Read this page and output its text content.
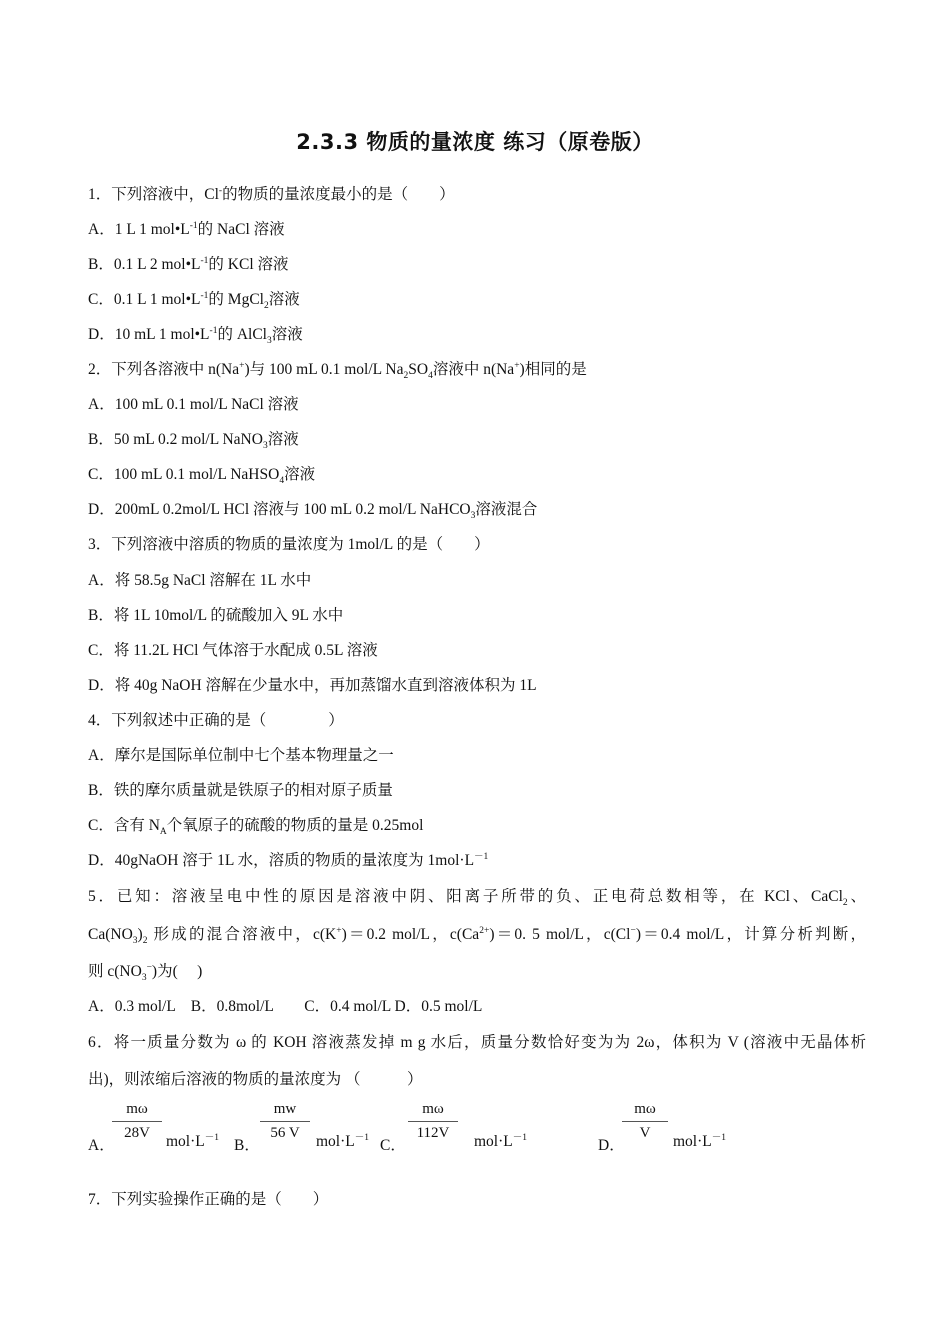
2.3.3 物质的量浓度 练习（原卷版）
1．下列溶液中，Cl-的物质的量浓度最小的是（　　）
A．1 L 1 $mol•L^{-1}$的 NaCl 溶液
B．0.1 L 2 $mol•L^{-1}$的 KCl 溶液
C．0.1 L 1 $mol•L^{-1}$的 MgCl$_2$溶液
D．10 mL 1 $mol•L^{-1}$的 AlCl$_3$溶液
2．下列各溶液中 n(Na+)与 100 mL 0.1 mol/L $Na_2SO_4$溶液中 n(Na+)相同的是
A．100 mL 0.1 mol/L NaCl 溶液
B．50 mL 0.2 mol/L NaNO$_3$溶液
C．100 mL 0.1 mol/L NaHSO$_4$溶液
D．200mL 0.2mol/L HCl 溶液与 100 mL 0.2 mol/L NaHCO$_3$溶液混合
3．下列溶液中溶质的物质的量浓度为 1mol/L 的是（　　）
A．将 58.5g NaCl 溶解在 1L 水中
B．将 1L 10mol/L 的硫酸加入 9L 水中
C．将 11.2L HCl 气体溶于水配成 0.5L 溶液
D．将 40g NaOH 溶解在少量水中，再加蒸馏水直到溶液体积为 1L
4．下列叙述中正确的是（　　　　）
A．摩尔是国际单位制中七个基本物理量之一
B．铁的摩尔质量就是铁原子的相对原子质量
C．含有 $N_A$个氧原子的硫酸的物质的量是 0.25mol
D．40gNaOH 溶于 1L 水，溶质的物质的量浓度为 $1mol\cdot L^{-1}$
5．已知：溶液呈电中性的原因是溶液中阴、阳离子所带的负、正电荷总数相等，在 KCl、CaCl$_2$、
$Ca(NO_3)_2$ 形成的混合溶液中，c(K+)＝0.2 mol/L，$c(Ca^{2+})=0$. 5 mol/L，c(Cl−)＝0.4 mol/L，计算分析判断，
则 $c(NO_3^-)$为(　 )
A．0.3 mol/L　B．0.8mol/L　　C．0.4 mol/L D．0.5 mol/L
6．将一质量分数为 ω 的 KOH 溶液蒸发掉 m g 水后，质量分数恰好变为为 2ω，体积为 V (溶液中无晶体析
出)，则浓缩后溶液的物质的量浓度为 （　　　）
A．
mω
28V	$mol\cdot L^{-1}$ B．
mw
56 V	$mol\cdot L^{-1}$ C．
mω
112V	$mol\cdot L^{-1}$	D．
mω
V	$mol\cdot L^{-1}$
7．下列实验操作正确的是（　　）
